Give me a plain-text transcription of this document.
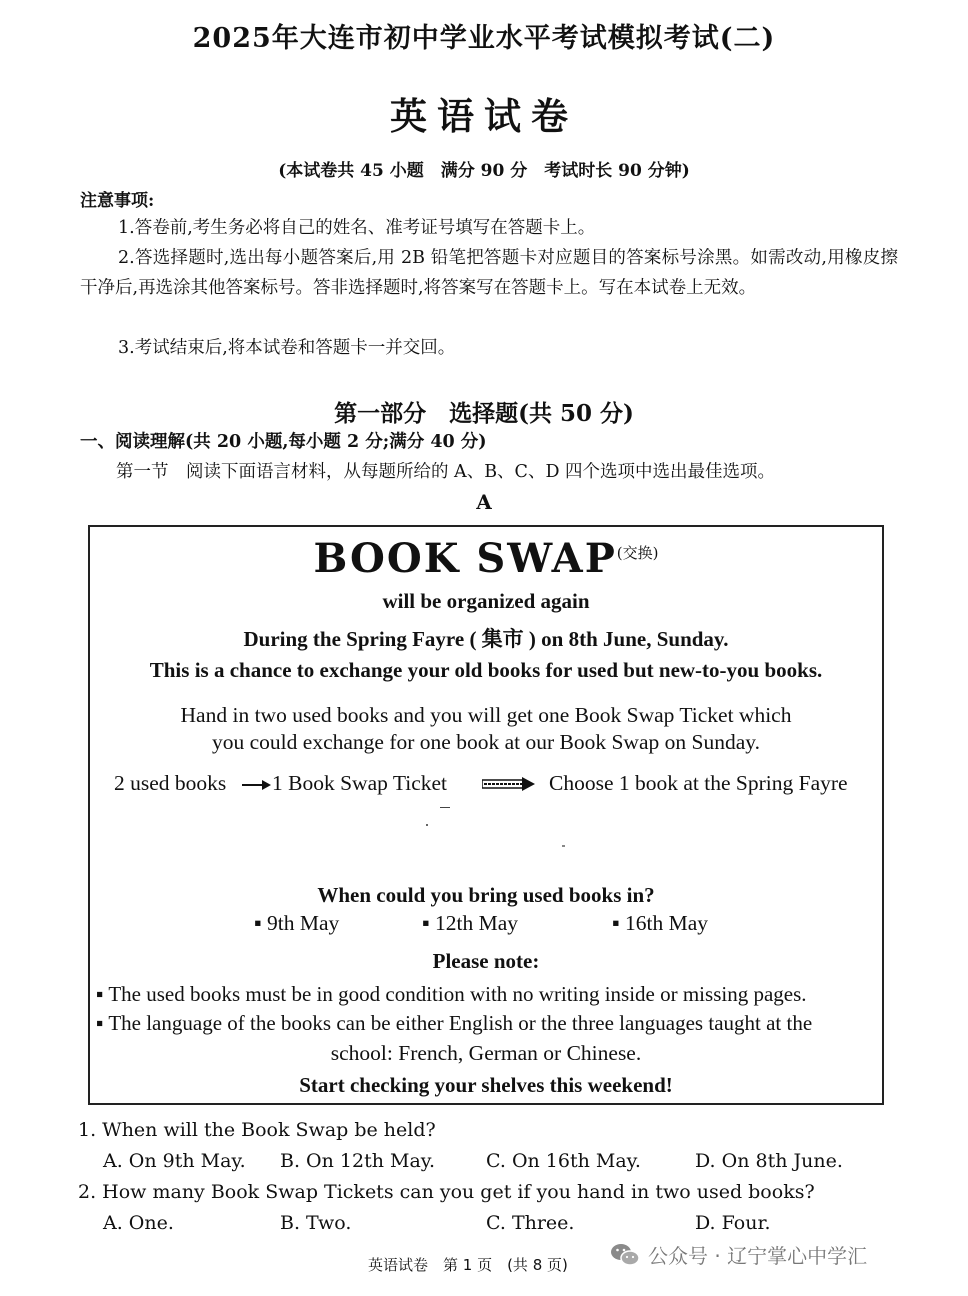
2025年大连市初中学业水平考试模拟考试(二)
英语试卷
(本试卷共 45 小题　满分 90 分　考试时长 90 分钟)
注意事项:
1.答卷前,考生务必将自己的姓名、准考证号填写在答题卡上。
2.答选择题时,选出每小题答案后,用 2B 铅笔把答题卡对应题目的答案标号涂黑。如需改动,用橡皮擦干净后,再选涂其他答案标号。答非选择题时,将答案写在答题卡上。写在本试卷上无效。
3.考试结束后,将本试卷和答题卡一并交回。
第一部分　选择题(共 50 分)
一、阅读理解(共 20 小题,每小题 2 分;满分 40 分)
第一节　阅读下面语言材料，从每题所给的 A、B、C、D 四个选项中选出最佳选项。
A
BOOK SWAP$^{(交换)}$
will be organized again
During the Spring Fayre ( 集市 ) on 8th June, Sunday.
This is a chance to exchange your old books for used but new-to-you books.
Hand in two used books and you will get one Book Swap Ticket which
you could exchange for one book at our Book Swap on Sunday.
2 used books 1 Book Swap Ticket	Choose 1 book at the Spring Fayre
When could you bring used books in?
▪ 9th May	▪ 12th May	▪ 16th May
Please note:
▪ The used books must be in good condition with no writing inside or missing pages.
▪ The language of the books can be either English or the three languages taught at the
school: French, German or Chinese.
Start checking your shelves this weekend!
1. When will the Book Swap be held?
A. On 9th May. B. On 12th May.	C. On 16th May.	D. On 8th June.
2. How many Book Swap Tickets can you get if you hand in two used books?
A. One.	B. Two.	C. Three.	D. Four.
英语试卷　第 1 页　(共 8 页)	公众号 · 辽宁掌心中学汇
